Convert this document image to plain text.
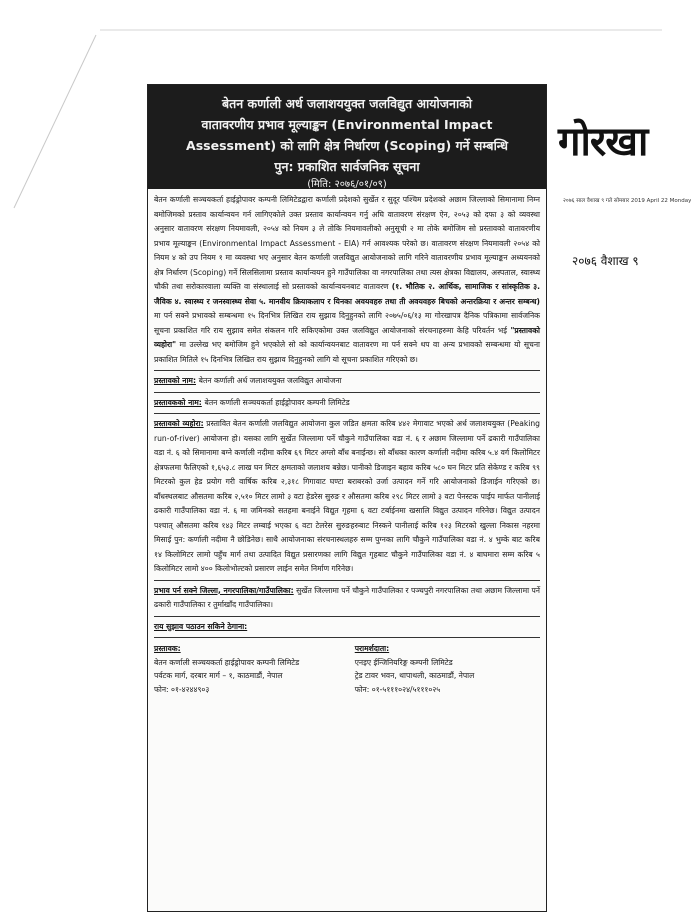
बेतन कर्णाली अर्ध जलाशययुक्त जलविद्युत आयोजनाको
वातावरणीय प्रभाव मूल्याङ्कन (Environmental Impact
Assessment) को लागि क्षेत्र निर्धारण (Scoping) गर्ने सम्बन्धि
पुन: प्रकाशित सार्वजनिक सूचना
(मिति: २०७६/०१/०९)

बेतन कर्णाली सञ्चयकर्ता हाईड्रोपावर कम्पनी लिमिटेडद्वारा कर्णाली प्रदेशको सुर्खेत र सुदूर पश्चिम प्रदेशको अछाम जिल्लाको सिमानामा निम्न बमोजिमको प्रस्ताव कार्यान्वयन गर्न लागिएकोले उक्त प्रस्ताव कार्यान्वयन गर्नु अघि वातावरण संरक्षण ऐन, २०५३ को दफा ३ को व्यवस्था अनुसार वातावरण संरक्षण नियमावली, २०५४ को नियम ३ ले तोकि नियमावलीको अनुसूची २ मा तोके बमोजिम सो प्रस्तावको वातावरणीय प्रभाव मूल्याङ्कन (Environmental Impact Assessment - EIA) गर्न आवश्यक परेको छ। वातावरण संरक्षण नियमावली २०५४ को नियम ४ को उप नियम १ मा व्यवस्था भए अनुसार बेतन कर्णाली जलविद्युत आयोजनाको लागि गरिने वातावरणीय प्रभाव मूल्याङ्कन अध्ययनको क्षेत्र निर्धारण (Scoping) गर्ने सिलसिलामा प्रस्ताव कार्यान्वयन हुने गाउँपालिका वा नगरपालिका तथा त्यस क्षेत्रका विद्यालय, अस्पताल, स्वास्थ्य चौकी तथा सरोकारवाला व्यक्ति वा संस्थालाई सो प्रस्तावको कार्यान्वयनबाट वातावरण (१. भौतिक २. आर्थिक, सामाजिक र सांस्कृतिक ३. जैविक ४. स्वास्थ्य र जनस्वास्थ्य सेवा ५. मानवीय क्रियाकलाप र यिनका अवयवहरु तथा ती अवयवहरु बिचको अन्तरक्रिया र अन्तर सम्बन्ध) मा पर्न सक्ने प्रभावको सम्बन्धमा १५ दिनभित्र लिखित राय सुझाव दिनुहुनको लागि २०७५/०६/१३ मा गोरखापत्र दैनिक पत्रिकामा सार्वजनिक सूचना प्रकाशित गरि राय सुझाव समेत संकलन गरि सकिएकोमा उक्त जलविद्युत आयोजनाको संरचनाहरुमा केहि परिवर्तन भई "प्रस्तावको व्यहोरा" मा उल्लेख भए बमोजिम हुने भएकोले सो को कार्यान्वयनबाट वातावरण मा पर्न सक्ने थप वा अन्य प्रभावको सम्बन्धमा यो सूचना प्रकाशित मितिले १५ दिनभित्र लिखित राय सुझाव दिनुहुनको लागि यो सूचना प्रकाशित गरिएको छ।

प्रस्तावको नाम: बेतन कर्णाली अर्ध जलाशययुक्त जलविद्युत आयोजना

प्रस्तावकको नाम: बेतन कर्णाली सञ्चयकर्ता हाईड्रोपावर कम्पनी लिमिटेड

प्रस्तावको व्यहोरा: प्रस्तावित बेतन कर्णाली जलविद्युत आयोजना कुल जडित क्षमता करिब ४४२ मेगावाट भएको अर्ध जलाशययुक्त (Peaking run-of-river) आयोजना हो। यसका लागि सुर्खेत जिल्लामा पर्ने चौकुने गाउँपालिका वडा नं. ६ र अछाम जिल्लामा पर्ने ढकारी गाउँपालिका वडा नं. ६ को सिमानामा बग्ने कर्णाली नदीमा करिब ६९ मिटर अग्लो बाँध बनाईन्छ। सो बाँधका कारण कर्णाली नदीमा करिब ५.४ वर्ग किलोमिटर क्षेत्रफलमा फैलिएको १,६५३.८ लाख घन मिटर क्षमताको जलाशय बन्नेछ। पानीको डिजाइन बहाव करिब ५८० घन मिटर प्रति सेकेण्ड र करिब ९९ मिटरको कुल हेड प्रयोग गरी वार्षिक करिब २,३१८ गिगावाट घण्टा बराबरको उर्जा उत्पादन गर्ने गरि आयोजनाको डिजाईन गरिएको छ। बाँधस्थलबाट औसतमा करिब २,५१० मिटर लामो ३ वटा हेडरेस सुरुङ र औसतमा करिब २९८ मिटर लामो ३ वटा पेनस्टक पाईप मार्फत पानीलाई ढकारी गाउँपालिका वडा नं. ६ मा जमिनको सतहमा बनाईने विद्युत गृहमा ६ वटा टर्बाईनमा खसालि विद्युत उत्पादन गरिनेछ। विद्युत उत्पादन पश्चात् औसतमा करिब १४३ मिटर लम्बाई भएका ६ वटा टेलरेस सुरुङहरुबाट निस्कने पानीलाई करिब १२३ मिटरको खुल्ला निकास नहरमा मिसाई पुन: कर्णाली नदीमा नै छोडिनेछ। साथै आयोजनाका संरचनास्थलहरु सम्म पुग्नका लागि चौकुने गाउँपालिका वडा नं. ४ भुम्के बाट करिब १४ किलोमिटर लामो पहुँच मार्ग तथा उत्पादित विद्युत प्रसारणका लागि विद्युत गृहबाट चौकुने गाउँपालिका वडा नं. ४ बाघमारा सम्म करिब ५ किलोमिटर लामो ४०० किलोभोल्टको प्रसारण लाईन समेत निर्माण गरिनेछ।

प्रभाव पर्न सक्ने जिल्ला, नगरपालिका/गाउँपालिका: सुर्खेत जिल्लामा पर्ने चौकुने गाउँपालिका र पञ्चपुरी नगरपालिका तथा अछाम जिल्लामा पर्ने ढकारी गाउँपालिका र तुर्माखाँद गाउँपालिका।

राय सुझाव पठाउन सकिने ठेगाना:

प्रस्तावक:
बेतन कर्णाली सञ्चयकर्ता हाईड्रोपावर कम्पनी लिमिटेड
पर्वटक मार्ग, दरबार मार्ग – १, काठमाडौं, नेपाल
फोन: ०१-४२४४९०३
परामर्शदाता:
एनइए ईन्जिनियरिङ्ग कम्पनी लिमिटेड
ट्रेड टावर भवन, थापाथली, काठमाडौं, नेपाल
फोन: ०१-५१११०२४/५१११०२५
गोरखा
२०७६ साल वैशाख ९ गते सोमबार 2019 April 22 Monday
२०७६ वैशाख ९
